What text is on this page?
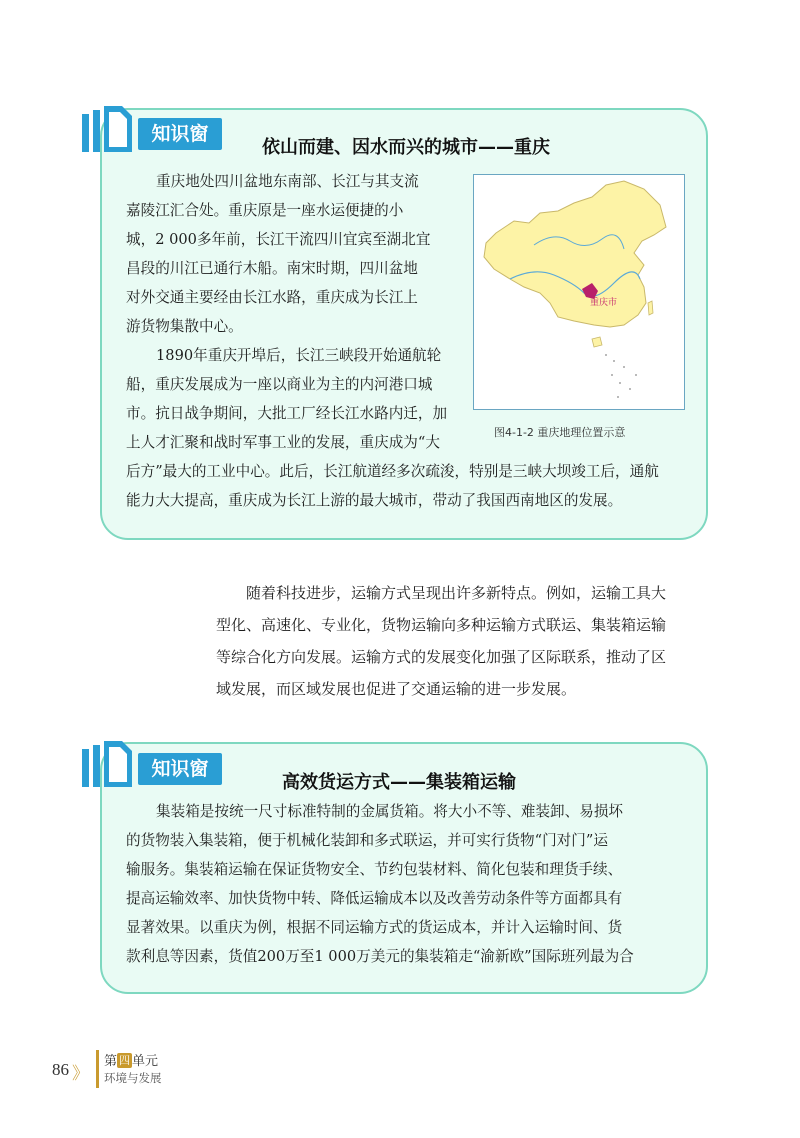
知识窗
依山而建、因水而兴的城市——重庆
重庆地处四川盆地东南部、长江与其支流
嘉陵江汇合处。重庆原是一座水运便捷的小
城，2 000多年前，长江干流四川宜宾至湖北宜
昌段的川江已通行木船。南宋时期，四川盆地
对外交通主要经由长江水路，重庆成为长江上
游货物集散中心。
1890年重庆开埠后，长江三峡段开始通航轮
船，重庆发展成为一座以商业为主的内河港口城
市。抗日战争期间，大批工厂经长江水路内迁，加
上人才汇聚和战时军事工业的发展，重庆成为“大
后方”最大的工业中心。此后，长江航道经多次疏浚，特别是三峡大坝竣工后，通航
能力大大提高，重庆成为长江上游的最大城市，带动了我国西南地区的发展。
重庆市
图4-1-2 重庆地理位置示意
随着科技进步，运输方式呈现出许多新特点。例如，运输工具大
型化、高速化、专业化，货物运输向多种运输方式联运、集装箱运输
等综合化方向发展。运输方式的发展变化加强了区际联系，推动了区
域发展，而区域发展也促进了交通运输的进一步发展。
知识窗
高效货运方式——集装箱运输
集装箱是按统一尺寸标准特制的金属货箱。将大小不等、难装卸、易损坏
的货物装入集装箱，便于机械化装卸和多式联运，并可实行货物“门对门”运
输服务。集装箱运输在保证货物安全、节约包装材料、简化包装和理货手续、
提高运输效率、加快货物中转、降低运输成本以及改善劳动条件等方面都具有
显著效果。以重庆为例，根据不同运输方式的货运成本，并计入运输时间、货
款利息等因素，货值200万至1 000万美元的集装箱走“渝新欧”国际班列最为合
86 》
第 四 单元
环境与发展
